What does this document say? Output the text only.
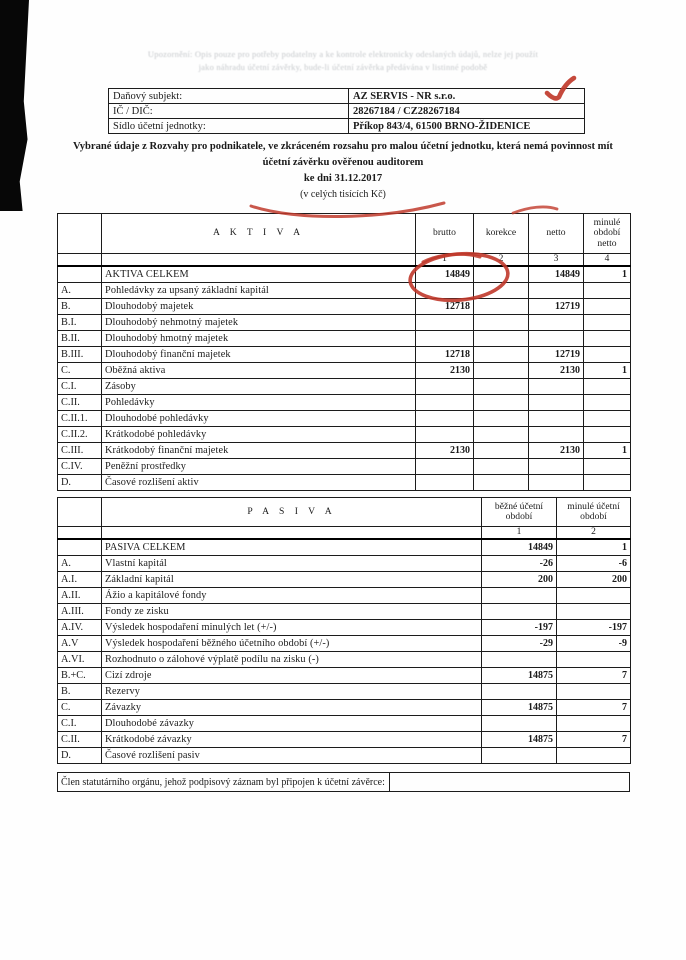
Upozornění: Opis pouze pro potřeby podatelny a ke kontrole elektronicky odeslaných údajů, nelze jej použít
jako náhradu účetní závěrky, bude-li účetní závěrka předávána v listinné podobě
Daňový subjekt:	AZ SERVIS - NR s.r.o.
IČ / DIČ:	28267184 / CZ28267184
Sídlo účetní jednotky:	Příkop 843/4, 61500 BRNO-ŽIDENICE
Vybrané údaje z Rozvahy pro podnikatele, ve zkráceném rozsahu pro malou účetní jednotku, která nemá povinnost mít
účetní závěrku ověřenou auditorem
ke dni 31.12.2017
(v celých tisících Kč)
	A K T I V A	brutto	korekce	netto	minulé období netto
		1	2	3	4
	AKTIVA CELKEM	14849		14849	1
A.	Pohledávky za upsaný základní kapitál				
B.	Dlouhodobý majetek	12718		12719	
B.I.	Dlouhodobý nehmotný majetek				
B.II.	Dlouhodobý hmotný majetek				
B.III.	Dlouhodobý finanční majetek	12718		12719	
C.	Oběžná aktiva	2130		2130	1
C.I.	Zásoby				
C.II.	Pohledávky				
C.II.1.	Dlouhodobé pohledávky				
C.II.2.	Krátkodobé pohledávky				
C.III.	Krátkodobý finanční majetek	2130		2130	1
C.IV.	Peněžní prostředky				
D.	Časové rozlišení aktiv				
	P A S I V A	běžné účetní období	minulé účetní období
		1	2
	PASIVA CELKEM	14849	1
A.	Vlastní kapitál	-26	-6
A.I.	Základní kapitál	200	200
A.II.	Ážio a kapitálové fondy		
A.III.	Fondy ze zisku		
A.IV.	Výsledek hospodaření minulých let (+/-)	-197	-197
A.V	Výsledek hospodaření běžného účetního období (+/-)	-29	-9
A.VI.	Rozhodnuto o zálohové výplatě podílu na zisku (-)		
B.+C.	Cizí zdroje	14875	7
B.	Rezervy		
C.	Závazky	14875	7
C.I.	Dlouhodobé závazky		
C.II.	Krátkodobé závazky	14875	7
D.	Časové rozlišení pasiv		
Člen statutárního orgánu, jehož podpisový záznam byl připojen k účetní závěrce:	
